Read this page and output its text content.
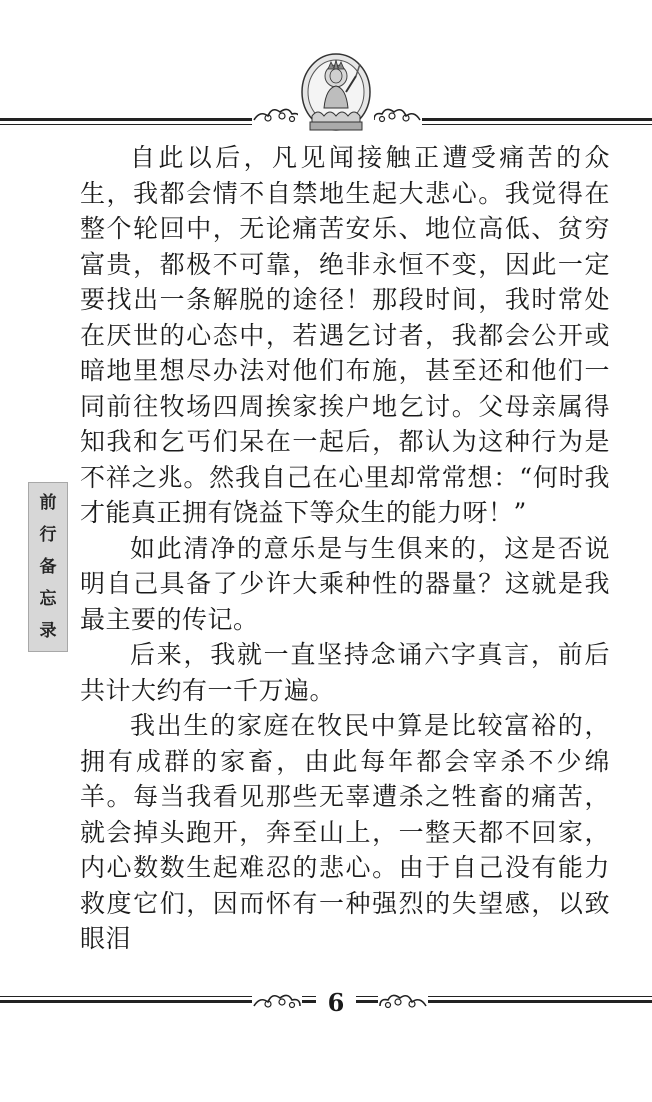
前
行
备
忘
录

自此以后，凡见闻接触正遭受痛苦的众生，我都会情不自禁地生起大悲心。我觉得在整个轮回中，无论痛苦安乐、地位高低、贫穷富贵，都极不可靠，绝非永恒不变，因此一定要找出一条解脱的途径！那段时间，我时常处在厌世的心态中，若遇乞讨者，我都会公开或暗地里想尽办法对他们布施，甚至还和他们一同前往牧场四周挨家挨户地乞讨。父母亲属得知我和乞丐们呆在一起后，都认为这种行为是不祥之兆。然我自己在心里却常常想：“何时我才能真正拥有饶益下等众生的能力呀！”

如此清净的意乐是与生俱来的，这是否说明自己具备了少许大乘种性的器量？这就是我最主要的传记。

后来，我就一直坚持念诵六字真言，前后共计大约有一千万遍。

我出生的家庭在牧民中算是比较富裕的，拥有成群的家畜，由此每年都会宰杀不少绵羊。每当我看见那些无辜遭杀之牲畜的痛苦，就会掉头跑开，奔至山上，一整天都不回家，内心数数生起难忍的悲心。由于自己没有能力救度它们，因而怀有一种强烈的失望感，以致眼泪

6
